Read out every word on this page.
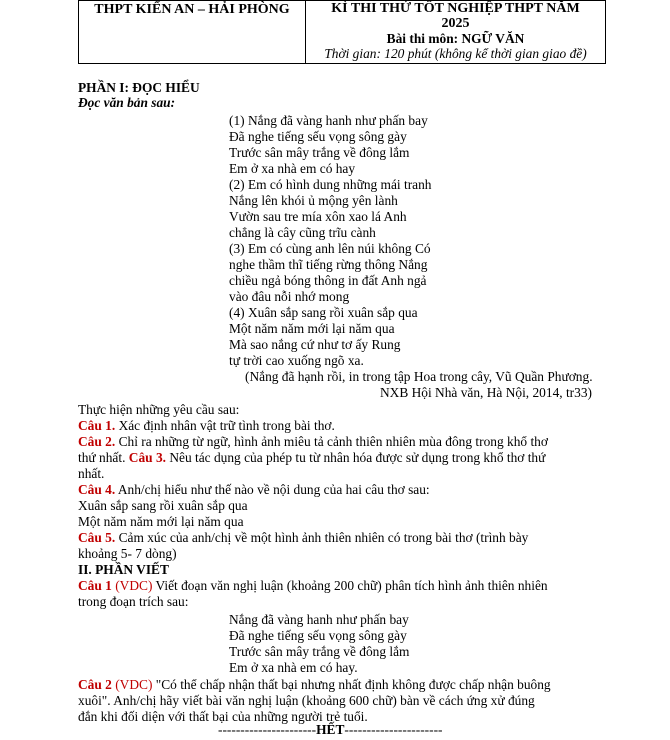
THPT KIẾN AN – HẢI PHÒNG	KÌ THI THỬ TỐT NGHIỆP THPT NĂM
2025
Bài thi môn: NGỮ VĂN
Thời gian: 120 phút (không kể thời gian giao đề)
PHẦN I: ĐỌC HIỂU
Đọc văn bản sau:
(1) Nắng đã vàng hanh như phấn bay
Đã nghe tiếng sếu vọng sông gày
Trước sân mây trắng về đông lắm
Em ở xa nhà em có hay
(2) Em có hình dung những mái tranh
Nắng lên khói ủ mộng yên lành
Vườn sau tre mía xôn xao lá Anh
chẳng là cây cũng trĩu cành
(3) Em có cùng anh lên núi không Có
nghe thầm thĩ tiếng rừng thông Nắng
chiều ngả bóng thông in đất Anh ngả
vào đâu nỗi nhớ mong
(4) Xuân sắp sang rồi xuân sắp qua
Một năm năm mới lại năm qua
Mà sao nắng cứ như tơ ấy Rung
tự trời cao xuống ngõ xa.
(Nắng đã hạnh rồi, in trong tập Hoa trong cây, Vũ Quần Phương.
NXB Hội Nhà văn, Hà Nội, 2014, tr33)
Thực hiện những yêu cầu sau:
Câu 1. Xác định nhân vật trữ tình trong bài thơ.
Câu 2. Chỉ ra những từ ngữ, hình ảnh miêu tả cảnh thiên nhiên mùa đông trong khổ thơ
thứ nhất. Câu 3. Nêu tác dụng của phép tu từ nhân hóa được sử dụng trong khổ thơ thứ
nhất.
Câu 4. Anh/chị hiểu như thế nào về nội dung của hai câu thơ sau:
Xuân sắp sang rồi xuân sắp qua
Một năm năm mới lại năm qua
Câu 5. Cảm xúc của anh/chị về một hình ảnh thiên nhiên có trong bài thơ (trình bày
khoảng 5- 7 dòng)
II. PHẦN VIẾT
Câu 1 (VDC) Viết đoạn văn nghị luận (khoảng 200 chữ) phân tích hình ảnh thiên nhiên
trong đoạn trích sau:
Nắng đã vàng hanh như phấn bay
Đã nghe tiếng sếu vọng sông gày
Trước sân mây trắng về đông lắm
Em ở xa nhà em có hay.
Câu 2 (VDC) "Có thể chấp nhận thất bại nhưng nhất định không được chấp nhận buông
xuôi". Anh/chị hãy viết bài văn nghị luận (khoảng 600 chữ) bàn về cách ứng xử đúng
đắn khi đối diện với thất bại của những người trẻ tuổi.
----------------------HẾT----------------------
